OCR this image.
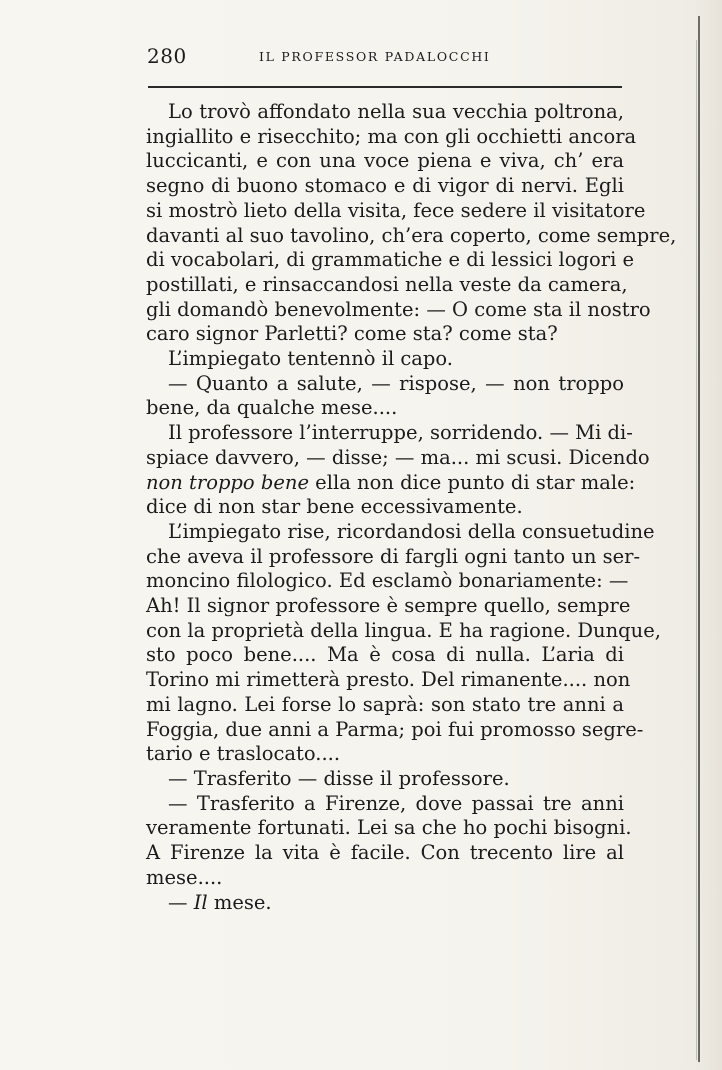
280	IL PROFESSOR PADALOCCHI
Lo trovò affondato nella sua vecchia poltrona,
ingiallito e risecchito; ma con gli occhietti ancora
luccicanti, e con una voce piena e viva, ch’ era
segno di buono stomaco e di vigor di nervi. Egli
si mostrò lieto della visita, fece sedere il visitatore
davanti al suo tavolino, ch’era coperto, come sempre,
di vocabolari, di grammatiche e di lessici logori e
postillati, e rinsaccandosi nella veste da camera,
gli domandò benevolmente: — O come sta il nostro
caro signor Parletti? come sta? come sta?
L’impiegato tentennò il capo.
— Quanto a salute, — rispose, — non troppo
bene, da qualche mese....
Il professore l’interruppe, sorridendo. — Mi di-
spiace davvero, — disse; — ma... mi scusi. Dicendo
non troppo bene ella non dice punto di star male:
dice di non star bene eccessivamente.
L’impiegato rise, ricordandosi della consuetudine
che aveva il professore di fargli ogni tanto un ser-
moncino filologico. Ed esclamò bonariamente: —
Ah! Il signor professore è sempre quello, sempre
con la proprietà della lingua. E ha ragione. Dunque,
sto poco bene.... Ma è cosa di nulla. L’aria di
Torino mi rimetterà presto. Del rimanente.... non
mi lagno. Lei forse lo saprà: son stato tre anni a
Foggia, due anni a Parma; poi fui promosso segre-
tario e traslocato....
— Trasferito — disse il professore.
— Trasferito a Firenze, dove passai tre anni
veramente fortunati. Lei sa che ho pochi bisogni.
A Firenze la vita è facile. Con trecento lire al
mese....
— Il mese.
